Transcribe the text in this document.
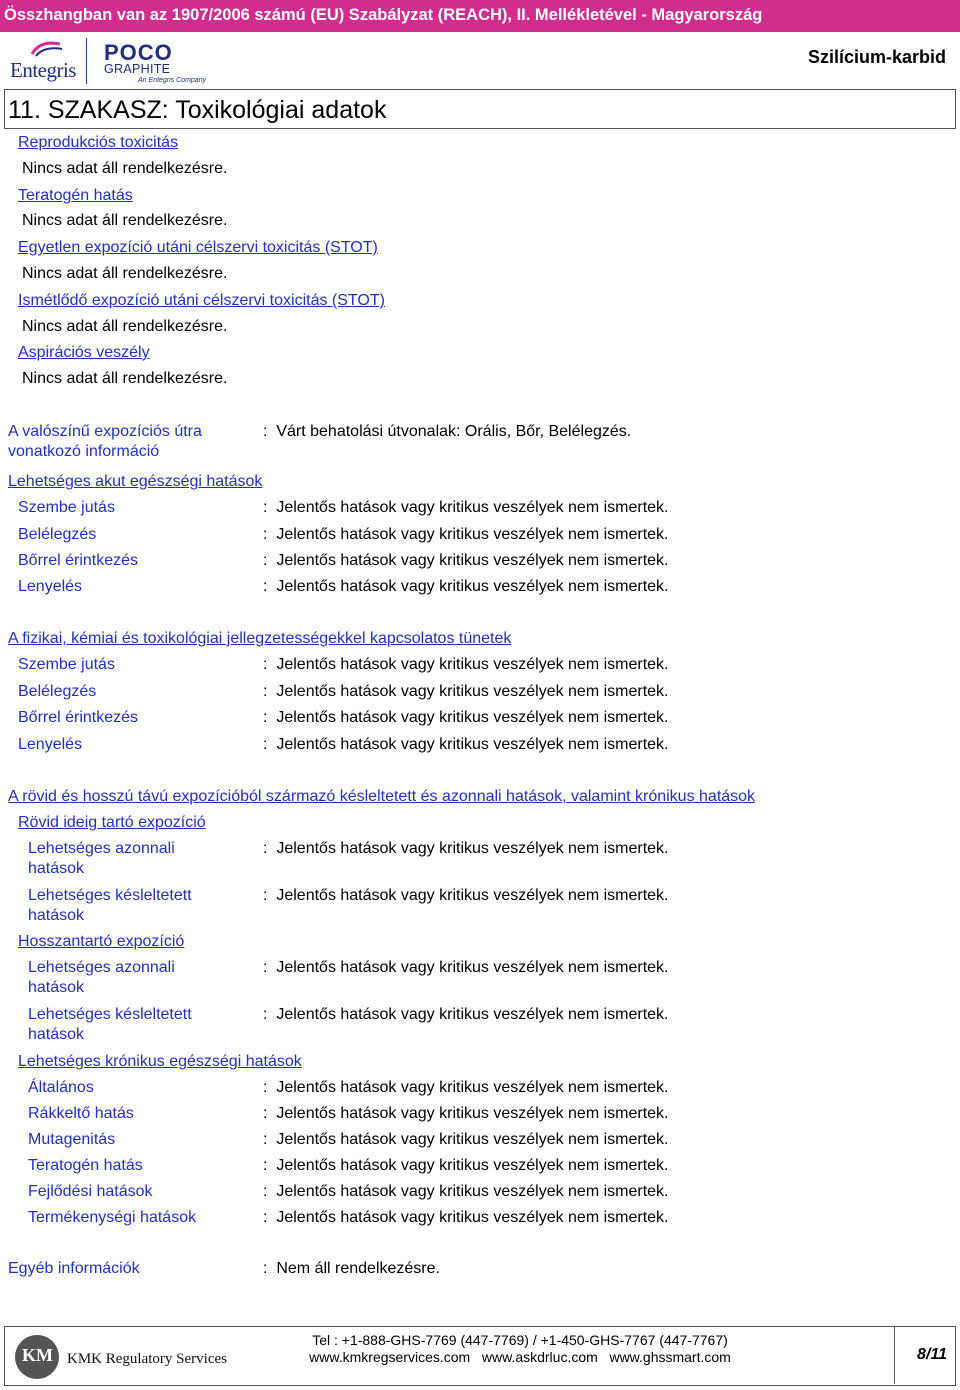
Összhangban van az 1907/2006 számú (EU) Szabályzat (REACH), II. Mellékletével - Magyarország
Entegris
POCO
GRAPHITE
An Entegris Company
Szilícium-karbid
11. SZAKASZ: Toxikológiai adatok
Reprodukciós toxicitás
Nincs adat áll rendelkezésre.
Teratogén hatás
Nincs adat áll rendelkezésre.
Egyetlen expozíció utáni célszervi toxicitás (STOT)
Nincs adat áll rendelkezésre.
Ismétlődő expozíció utáni célszervi toxicitás (STOT)
Nincs adat áll rendelkezésre.
Aspirációs veszély
Nincs adat áll rendelkezésre.
A valószínű expozíciós útra
vonatkozó információ
: Várt behatolási útvonalak: Orális, Bőr, Belélegzés.
Lehetséges akut egészségi hatások
Szembe jutás	: Jelentős hatások vagy kritikus veszélyek nem ismertek.
Belélegzés	: Jelentős hatások vagy kritikus veszélyek nem ismertek.
Bőrrel érintkezés	: Jelentős hatások vagy kritikus veszélyek nem ismertek.
Lenyelés	: Jelentős hatások vagy kritikus veszélyek nem ismertek.
A fizikai, kémiai és toxikológiai jellegzetességekkel kapcsolatos tünetek
Szembe jutás	: Jelentős hatások vagy kritikus veszélyek nem ismertek.
Belélegzés	: Jelentős hatások vagy kritikus veszélyek nem ismertek.
Bőrrel érintkezés	: Jelentős hatások vagy kritikus veszélyek nem ismertek.
Lenyelés	: Jelentős hatások vagy kritikus veszélyek nem ismertek.
A rövid és hosszú távú expozícióból származó késleltetett és azonnali hatások, valamint krónikus hatások
Rövid ideig tartó expozíció
Lehetséges azonnali
hatások
: Jelentős hatások vagy kritikus veszélyek nem ismertek.
Lehetséges késleltetett
hatások
: Jelentős hatások vagy kritikus veszélyek nem ismertek.
Hosszantartó expozíció
Lehetséges azonnali
hatások
: Jelentős hatások vagy kritikus veszélyek nem ismertek.
Lehetséges késleltetett
hatások
: Jelentős hatások vagy kritikus veszélyek nem ismertek.
Lehetséges krónikus egészségi hatások
Általános	: Jelentős hatások vagy kritikus veszélyek nem ismertek.
Rákkeltő hatás	: Jelentős hatások vagy kritikus veszélyek nem ismertek.
Mutagenitás	: Jelentős hatások vagy kritikus veszélyek nem ismertek.
Teratogén hatás	: Jelentős hatások vagy kritikus veszélyek nem ismertek.
Fejlődési hatások	: Jelentős hatások vagy kritikus veszélyek nem ismertek.
Termékenységi hatások	: Jelentős hatások vagy kritikus veszélyek nem ismertek.
Egyéb információk	: Nem áll rendelkezésre.
KM KMK Regulatory Services
Tel : +1-888-GHS-7769 (447-7769) / +1-450-GHS-7767 (447-7767)
www.kmkregservices.com   www.askdrluc.com   www.ghssmart.com	8/11
